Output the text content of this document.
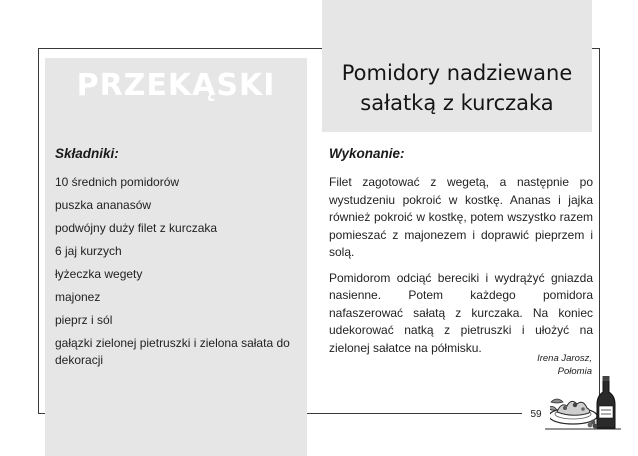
PRZEKĄSKI	Pomidory nadziewane
sałatką z kurczaka
Składniki:
10 średnich pomidorów
puszka ananasów
podwójny duży filet z kurczaka
6 jaj kurzych
łyżeczka wegety
majonez
pieprz i sól
gałązki zielonej pietruszki i zielona sałata do dekoracji
Wykonanie:

Filet zagotować z wegetą, a następnie po wystudzeniu pokroić w kostkę. Ananas i jajka również pokroić w kostkę, potem wszystko razem pomieszać z majonezem i doprawić pieprzem i solą.

Pomidorom odciąć bereciki i wydrążyć gniazda nasienne. Potem każdego pomidora nafaszerować sałatą z kurczaka. Na koniec udekorować natką z pietruszki i ułożyć na zielonej sałatce na półmisku.

Irena Jarosz,
Połomia
59
